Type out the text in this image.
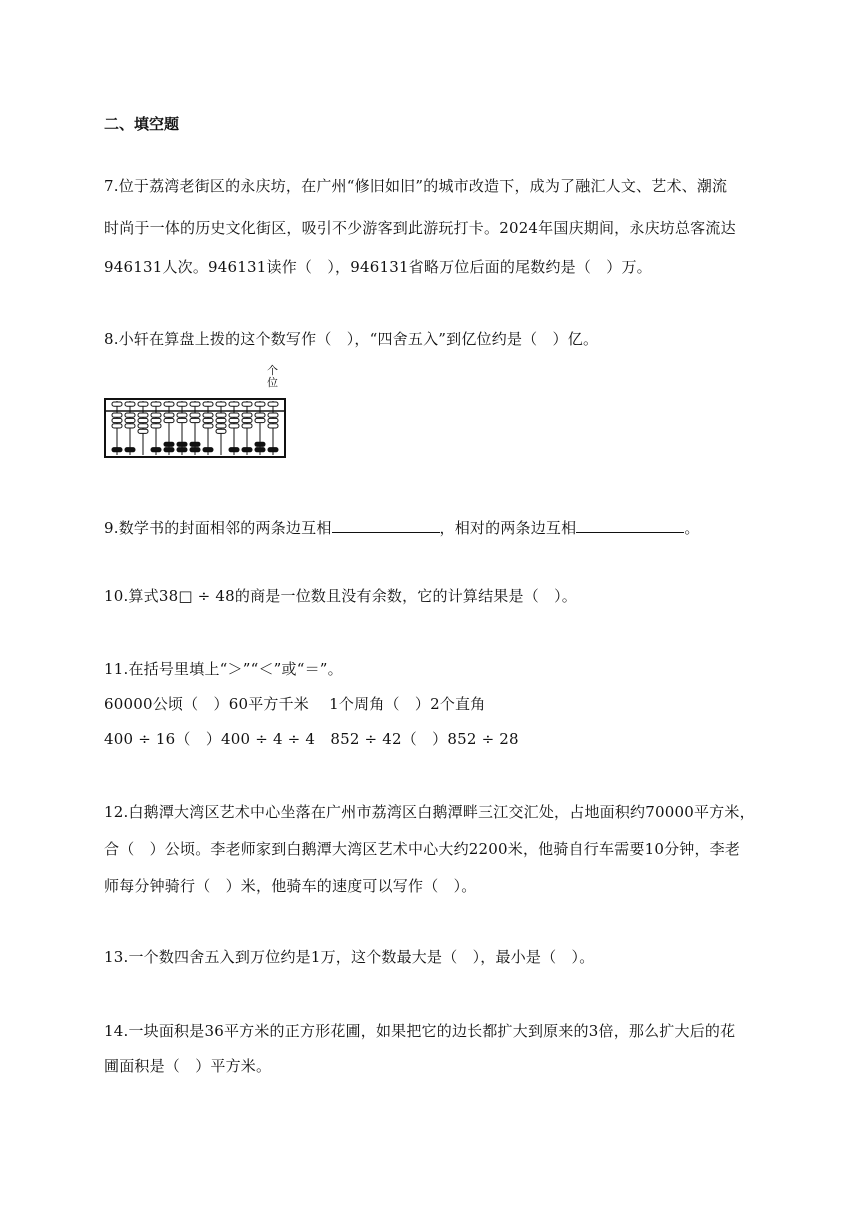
二、填空题
7.位于荔湾老街区的永庆坊，在广州“修旧如旧”的城市改造下，成为了融汇人文、艺术、潮流
时尚于一体的历史文化街区，吸引不少游客到此游玩打卡。2024年国庆期间，永庆坊总客流达
946131人次。946131读作（　），946131省略万位后面的尾数约是（　）万。
8.小轩在算盘上拨的这个数写作（　），“四舍五入”到亿位约是（　）亿。
个
位
9.数学书的封面相邻的两条边互相	，相对的两条边互相	。
10.算式38□ ÷ 48的商是一位数且没有余数，它的计算结果是（　）。
11.在括号里填上“＞”“＜”或“＝”。
60000公顷（　）60平方千米　 1个周角（　）2个直角
400 ÷ 16（　）400 ÷ 4 ÷ 4　852 ÷ 42（　）852 ÷ 28
12.白鹅潭大湾区艺术中心坐落在广州市荔湾区白鹅潭畔三江交汇处，占地面积约70000平方米，
合（　）公顷。李老师家到白鹅潭大湾区艺术中心大约2200米，他骑自行车需要10分钟，李老
师每分钟骑行（　）米，他骑车的速度可以写作（　）。
13.一个数四舍五入到万位约是1万，这个数最大是（　），最小是（　）。
14.一块面积是36平方米的正方形花圃，如果把它的边长都扩大到原来的3倍，那么扩大后的花
圃面积是（　）平方米。
